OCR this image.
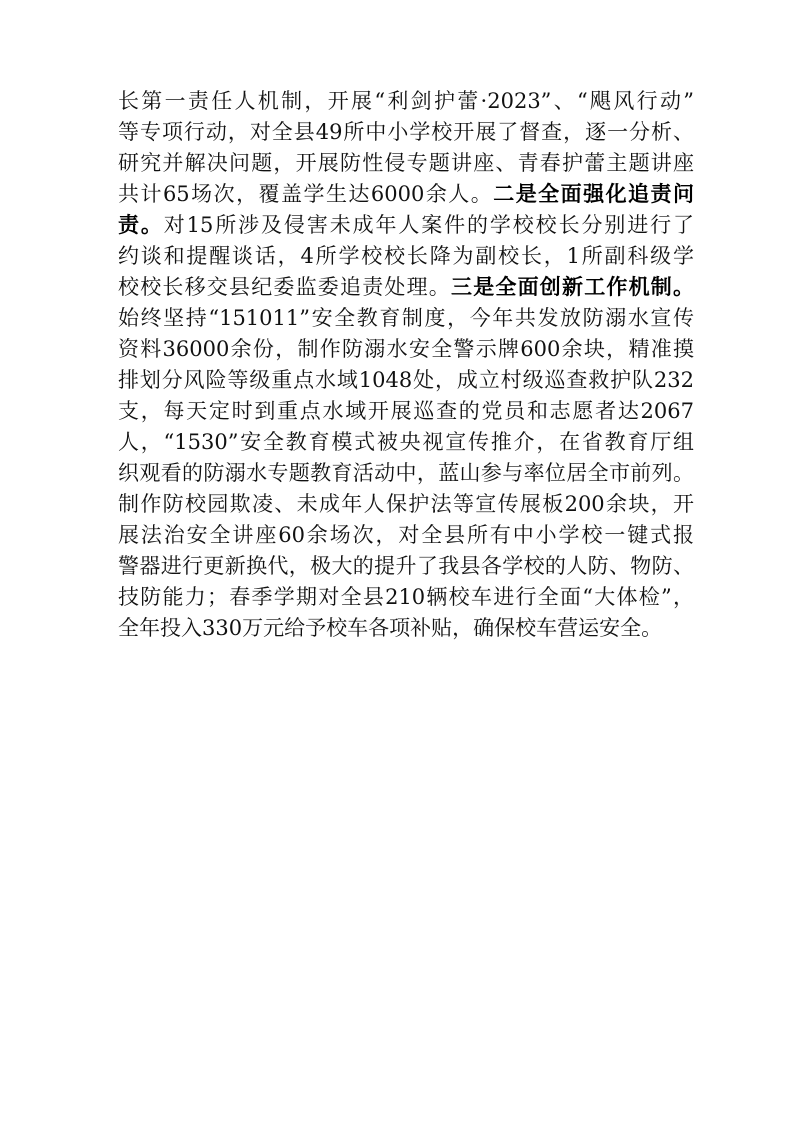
长第一责任人机制，开展“利剑护蕾·2023”、“飓风行动”
等专项行动，对全县49所中小学校开展了督查，逐一分析、
研究并解决问题，开展防性侵专题讲座、青春护蕾主题讲座
共计65场次，覆盖学生达6000余人。二是全面强化追责问
责。对15所涉及侵害未成年人案件的学校校长分别进行了
约谈和提醒谈话，4所学校校长降为副校长，1所副科级学
校校长移交县纪委监委追责处理。三是全面创新工作机制。
始终坚持“151011”安全教育制度，今年共发放防溺水宣传
资料36000余份，制作防溺水安全警示牌600余块，精准摸
排划分风险等级重点水域1048处，成立村级巡查救护队232
支，每天定时到重点水域开展巡查的党员和志愿者达2067
人，“1530”安全教育模式被央视宣传推介，在省教育厅组
织观看的防溺水专题教育活动中，蓝山参与率位居全市前列。
制作防校园欺凌、未成年人保护法等宣传展板200余块，开
展法治安全讲座60余场次，对全县所有中小学校一键式报
警器进行更新换代，极大的提升了我县各学校的人防、物防、
技防能力；春季学期对全县210辆校车进行全面“大体检”，
全年投入330万元给予校车各项补贴，确保校车营运安全。
